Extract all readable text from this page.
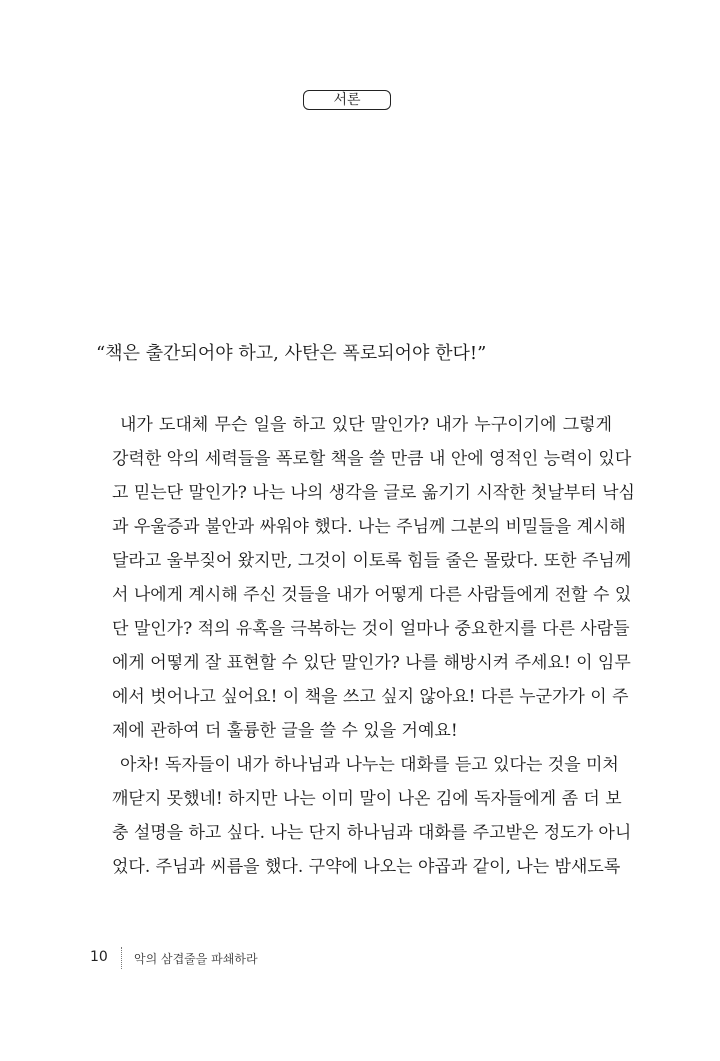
서론
“책은 출간되어야 하고, 사탄은 폭로되어야 한다!”
내가 도대체 무슨 일을 하고 있단 말인가? 내가 누구이기에 그렇게
강력한 악의 세력들을 폭로할 책을 쓸 만큼 내 안에 영적인 능력이 있다
고 믿는단 말인가? 나는 나의 생각을 글로 옮기기 시작한 첫날부터 낙심
과 우울증과 불안과 싸워야 했다. 나는 주님께 그분의 비밀들을 계시해
달라고 울부짖어 왔지만, 그것이 이토록 힘들 줄은 몰랐다. 또한 주님께
서 나에게 계시해 주신 것들을 내가 어떻게 다른 사람들에게 전할 수 있
단 말인가? 적의 유혹을 극복하는 것이 얼마나 중요한지를 다른 사람들
에게 어떻게 잘 표현할 수 있단 말인가? 나를 해방시켜 주세요! 이 임무
에서 벗어나고 싶어요! 이 책을 쓰고 싶지 않아요! 다른 누군가가 이 주
제에 관하여 더 훌륭한 글을 쓸 수 있을 거예요!
아차! 독자들이 내가 하나님과 나누는 대화를 듣고 있다는 것을 미처
깨닫지 못했네! 하지만 나는 이미 말이 나온 김에 독자들에게 좀 더 보
충 설명을 하고 싶다. 나는 단지 하나님과 대화를 주고받은 정도가 아니
었다. 주님과 씨름을 했다. 구약에 나오는 야곱과 같이, 나는 밤새도록
10 악의 삼겹줄을 파쇄하라
